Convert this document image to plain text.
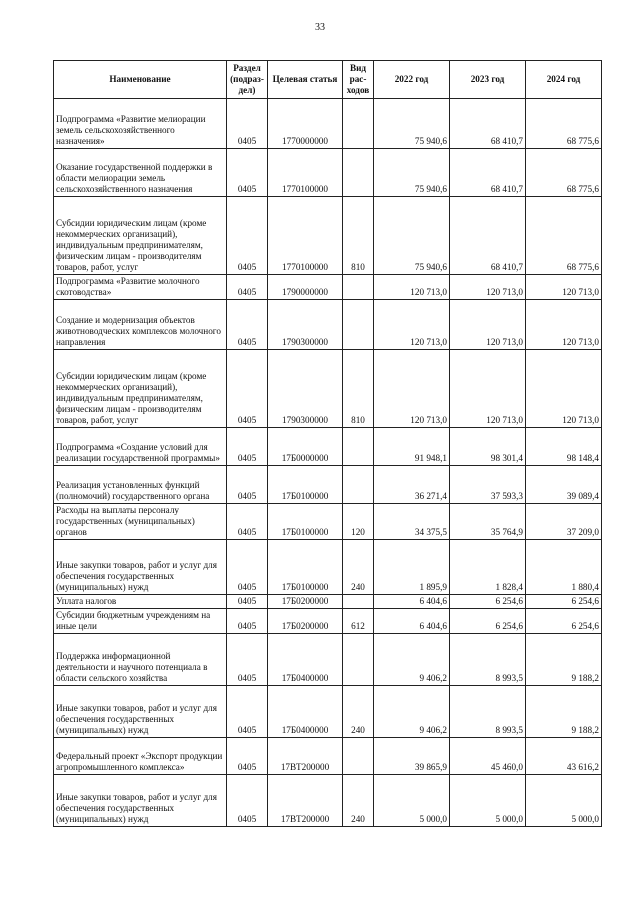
33
Наименование	Раздел (подраз-дел)	Целевая статья	Вид рас-ходов	2022 год	2023 год	2024 год
Подпрограмма «Развитие мелиорации земель сельскохозяйственного назначения»	0405	1770000000		75 940,6	68 410,7	68 775,6
Оказание государственной поддержки в области мелиорации земель сельскохозяйственного назначения	0405	1770100000		75 940,6	68 410,7	68 775,6
Субсидии юридическим лицам (кроме некоммерческих организаций), индивидуальным предпринимателям, физическим лицам - производителям товаров, работ, услуг	0405	1770100000	810	75 940,6	68 410,7	68 775,6
Подпрограмма «Развитие молочного скотоводства»	0405	1790000000		120 713,0	120 713,0	120 713,0
Создание и модернизация объектов животноводческих комплексов молочного направления	0405	1790300000		120 713,0	120 713,0	120 713,0
Субсидии юридическим лицам (кроме некоммерческих организаций), индивидуальным предпринимателям, физическим лицам - производителям товаров, работ, услуг	0405	1790300000	810	120 713,0	120 713,0	120 713,0
Подпрограмма «Создание условий для реализации государственной программы»	0405	17Б0000000		91 948,1	98 301,4	98 148,4
Реализация установленных функций (полномочий) государственного органа	0405	17Б0100000		36 271,4	37 593,3	39 089,4
Расходы на выплаты персоналу государственных (муниципальных) органов	0405	17Б0100000	120	34 375,5	35 764,9	37 209,0
Иные закупки товаров, работ и услуг для обеспечения государственных (муниципальных) нужд	0405	17Б0100000	240	1 895,9	1 828,4	1 880,4
Уплата налогов	0405	17Б0200000		6 404,6	6 254,6	6 254,6
Субсидии бюджетным учреждениям на иные цели	0405	17Б0200000	612	6 404,6	6 254,6	6 254,6
Поддержка информационной деятельности и научного потенциала в области сельского хозяйства	0405	17Б0400000		9 406,2	8 993,5	9 188,2
Иные закупки товаров, работ и услуг для обеспечения государственных (муниципальных) нужд	0405	17Б0400000	240	9 406,2	8 993,5	9 188,2
Федеральный проект «Экспорт продукции агропромышленного комплекса»	0405	17ВТ200000		39 865,9	45 460,0	43 616,2
Иные закупки товаров, работ и услуг для обеспечения государственных (муниципальных) нужд	0405	17ВТ200000	240	5 000,0	5 000,0	5 000,0
